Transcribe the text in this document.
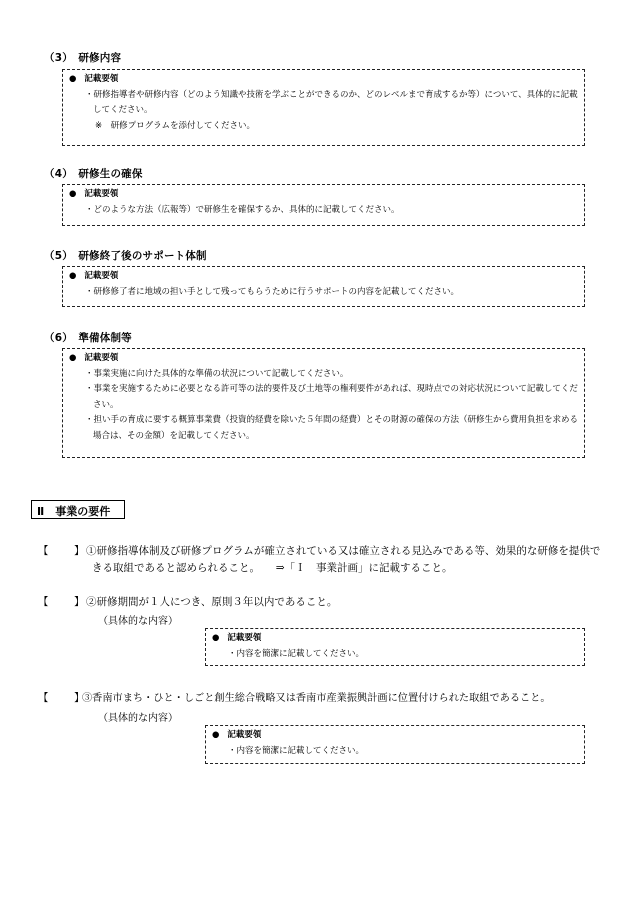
（3）　研修内容
● 記載要領
・研修指導者や研修内容（どのよう知識や技術を学ぶことができるのか、どのレベルまで育成するか等）について、具体的に記載してください。
※　研修プログラムを添付してください。
（4）　研修生の確保
● 記載要領
・どのような方法（広報等）で研修生を確保するか、具体的に記載してください。
（5）　研修終了後のサポート体制
● 記載要領
・研修修了者に地域の担い手として残ってもらうために行うサポートの内容を記載してください。
（6）　準備体制等
● 記載要領
・事業実施に向けた具体的な準備の状況について記載してください。
・事業を実施するために必要となる許可等の法的要件及び土地等の権利要件があれば、現時点での対応状況について記載してください。
・担い手の育成に要する概算事業費（投資的経費を除いた５年間の経費）とその財源の確保の方法（研修生から費用負担を求める場合は、その金額）を記載してください。
Ⅱ　事業の要件
【 】 ①研修指導体制及び研修プログラムが確立されている又は確立される見込みである等、効果的な研修を提供できる取組であると認められること。　　⇒「Ｉ　事業計画」に記載すること。
【 】 ②研修期間が１人につき、原則３年以内であること。
（具体的な内容）
● 記載要領
・内容を簡潔に記載してください。
【 】
③香南市まち・ひと・しごと創生総合戦略又は香南市産業振興計画に位置付けられた取組であること。
（具体的な内容）
● 記載要領
・内容を簡潔に記載してください。
